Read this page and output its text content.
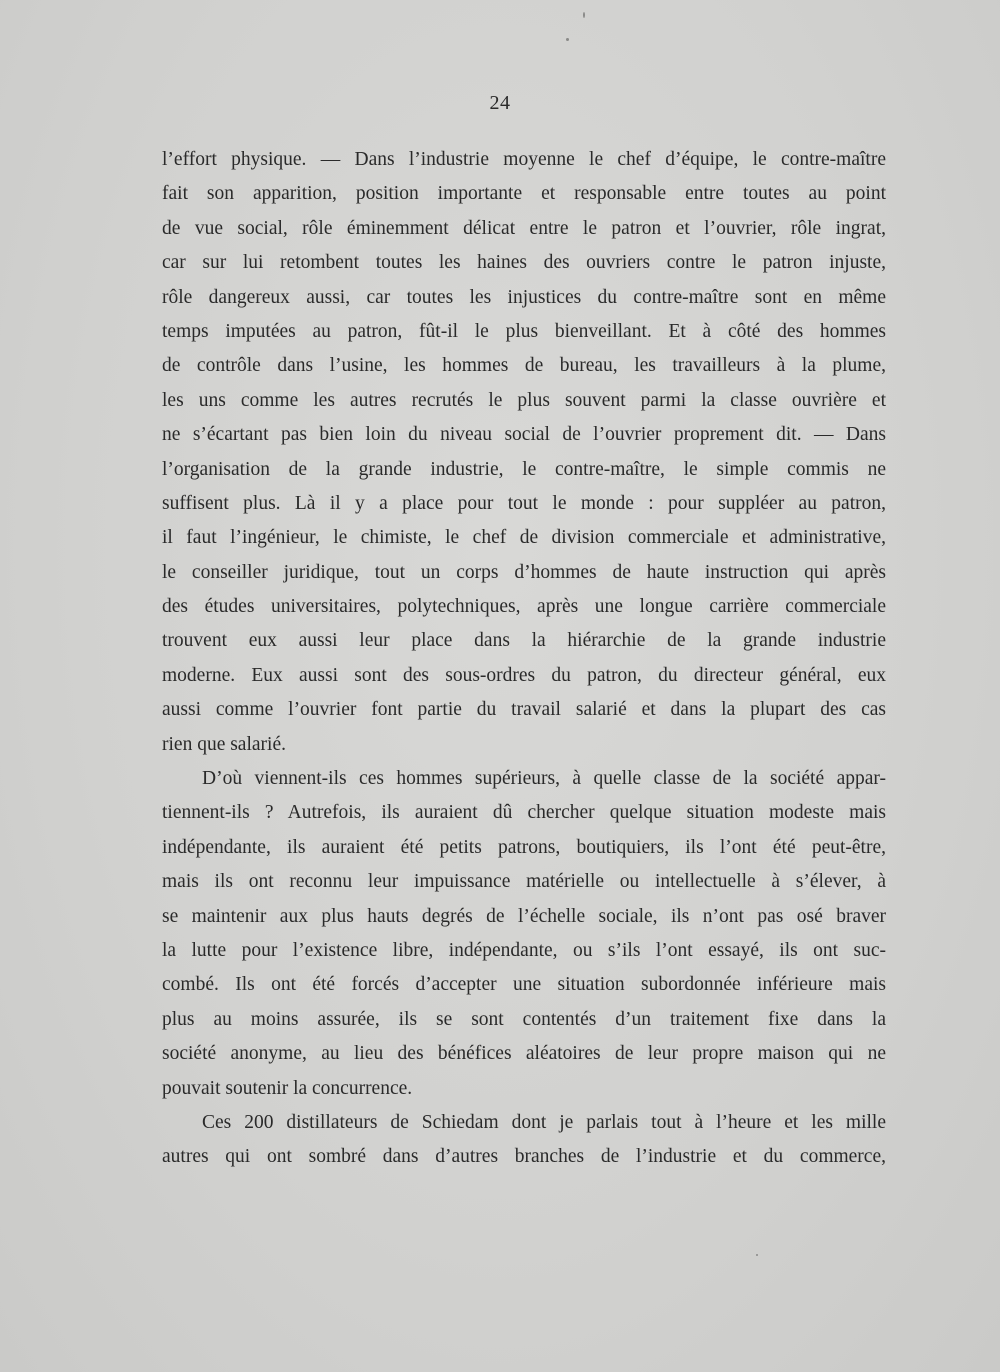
24
l’effort physique. — Dans l’industrie moyenne le chef d’équipe, le contre-maître
fait son apparition, position importante et responsable entre toutes au point
de vue social, rôle éminemment délicat entre le patron et l’ouvrier, rôle ingrat,
car sur lui retombent toutes les haines des ouvriers contre le patron injuste,
rôle dangereux aussi, car toutes les injustices du contre-maître sont en même
temps imputées au patron, fût-il le plus bienveillant. Et à côté des hommes
de contrôle dans l’usine, les hommes de bureau, les travailleurs à la plume,
les uns comme les autres recrutés le plus souvent parmi la classe ouvrière et
ne s’écartant pas bien loin du niveau social de l’ouvrier proprement dit. — Dans
l’organisation de la grande industrie, le contre-maître, le simple commis ne
suffisent plus. Là il y a place pour tout le monde : pour suppléer au patron,
il faut l’ingénieur, le chimiste, le chef de division commerciale et administrative,
le conseiller juridique, tout un corps d’hommes de haute instruction qui après
des études universitaires, polytechniques, après une longue carrière commerciale
trouvent eux aussi leur place dans la hiérarchie de la grande industrie
moderne. Eux aussi sont des sous-ordres du patron, du directeur général, eux
aussi comme l’ouvrier font partie du travail salarié et dans la plupart des cas
rien que salarié.
D’où viennent-ils ces hommes supérieurs, à quelle classe de la société appar-
tiennent-ils ? Autrefois, ils auraient dû chercher quelque situation modeste mais
indépendante, ils auraient été petits patrons, boutiquiers, ils l’ont été peut-être,
mais ils ont reconnu leur impuissance matérielle ou intellectuelle à s’élever, à
se maintenir aux plus hauts degrés de l’échelle sociale, ils n’ont pas osé braver
la lutte pour l’existence libre, indépendante, ou s’ils l’ont essayé, ils ont suc-
combé. Ils ont été forcés d’accepter une situation subordonnée inférieure mais
plus au moins assurée, ils se sont contentés d’un traitement fixe dans la
société anonyme, au lieu des bénéfices aléatoires de leur propre maison qui ne
pouvait soutenir la concurrence.
Ces 200 distillateurs de Schiedam dont je parlais tout à l’heure et les mille
autres qui ont sombré dans d’autres branches de l’industrie et du commerce,
